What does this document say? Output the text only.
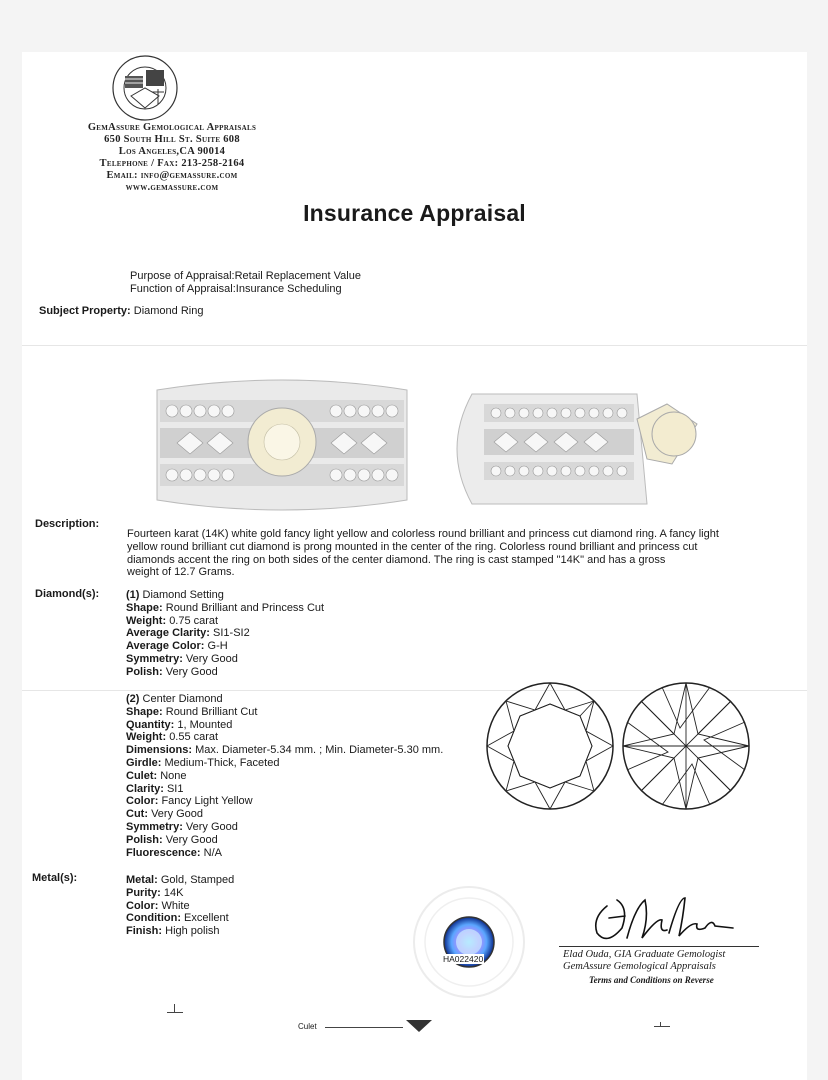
GemAssure Gemological Appraisals
650 South Hill St. Suite 608
Los Angeles,CA 90014
Telephone / Fax: 213-258-2164
Email: info@gemassure.com
www.gemassure.com
Insurance Appraisal
Purpose of Appraisal:Retail Replacement Value
Function of Appraisal:Insurance Scheduling
Subject Property: Diamond Ring
Description:
Fourteen karat (14K) white gold fancy light yellow and colorless round brilliant and princess cut diamond ring. A fancy light
yellow round brilliant cut diamond is prong mounted in the center of the ring. Colorless round brilliant and princess cut
diamonds accent the ring on both sides of the center diamond. The ring is cast stamped "14K" and has a gross
weight of 12.7 Grams.
Diamond(s): (1) Diamond Setting
Shape: Round Brilliant and Princess Cut
Weight: 0.75 carat
Average Clarity: SI1-SI2
Average Color: G-H
Symmetry: Very Good
Polish: Very Good
(2) Center Diamond
Shape: Round Brilliant Cut
Quantity: 1, Mounted
Weight: 0.55 carat
Dimensions: Max. Diameter-5.34 mm. ; Min. Diameter-5.30 mm.
Girdle: Medium-Thick, Faceted
Culet: None
Clarity: SI1
Color: Fancy Light Yellow
Cut: Very Good
Symmetry: Very Good
Polish: Very Good
Fluorescence: N/A
Metal(s):	Metal: Gold, Stamped
Purity: 14K
Color: White
Condition: Excellent
Finish: High polish
HA022420	Elad Ouda, GIA Graduate Gemologist
GemAssure Gemological Appraisals
Terms and Conditions on Reverse
Culet
